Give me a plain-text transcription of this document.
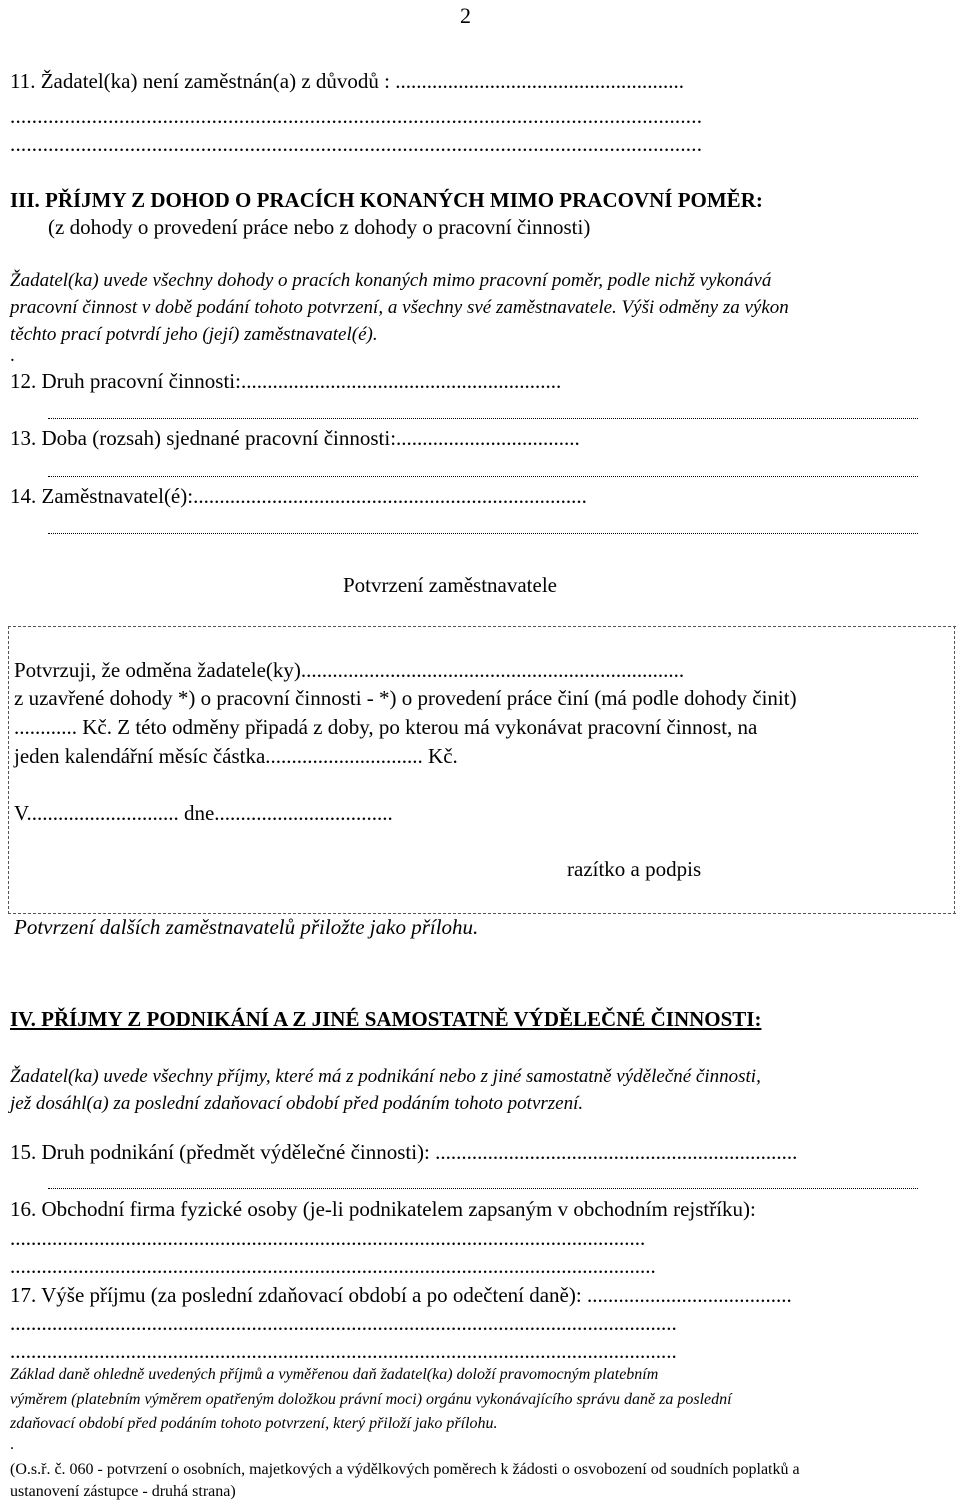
2
11. Žadatel(ka) není zaměstnán(a) z důvodů : .......................................................
...............................................................................................................................
...............................................................................................................................
III. PŘÍJMY Z DOHOD O PRACÍCH KONANÝCH MIMO PRACOVNÍ POMĚR:
(z dohody o provedení práce nebo z dohody o pracovní činnosti)
Žadatel(ka) uvede všechny dohody o pracích konaných mimo pracovní poměr, podle nichž vykonává
pracovní činnost v době podání tohoto potvrzení, a všechny své zaměstnavatele. Výši odměny za výkon
těchto prací potvrdí jeho (její) zaměstnavatel(é).
.
12. Druh pracovní činnosti:.............................................................
13. Doba (rozsah) sjednané pracovní činnosti:...................................
14. Zaměstnavatel(é):...........................................................................
Potvrzení zaměstnavatele
Potvrzuji, že odměna žadatele(ky).........................................................................
z uzavřené dohody *) o pracovní činnosti - *) o provedení práce činí (má podle dohody činit)
............ Kč. Z této odměny připadá z doby, po kterou má vykonávat pracovní činnost, na
jeden kalendářní měsíc částka.............................. Kč.
V............................. dne..................................
razítko a podpis
Potvrzení dalších zaměstnavatelů přiložte jako přílohu.
IV. PŘÍJMY Z PODNIKÁNÍ A Z JINÉ SAMOSTATNĚ VÝDĚLEČNÉ ČINNOSTI:
Žadatel(ka) uvede všechny příjmy, které má z podnikání nebo z jiné samostatně výdělečné činnosti,
jež dosáhl(a) za poslední zdaňovací období před podáním tohoto potvrzení.
15. Druh podnikání (předmět výdělečné činnosti): .....................................................................
16. Obchodní firma fyzické osoby (je-li podnikatelem zapsaným v obchodním rejstříku):
.........................................................................................................................
...........................................................................................................................
17. Výše příjmu (za poslední zdaňovací období a po odečtení daně): .......................................
...............................................................................................................................
...............................................................................................................................
Základ daně ohledně uvedených příjmů a vyměřenou daň žadatel(ka) doloží pravomocným platebním
výměrem (platebním výměrem opatřeným doložkou právní moci) orgánu vykonávajícího správu daně za poslední
zdaňovací období před podáním tohoto potvrzení, který přiloží jako přílohu.
.
(O.s.ř. č. 060 - potvrzení o osobních, majetkových a výdělkových poměrech k žádosti o osvobození od soudních poplatků a
ustanovení zástupce - druhá strana)
